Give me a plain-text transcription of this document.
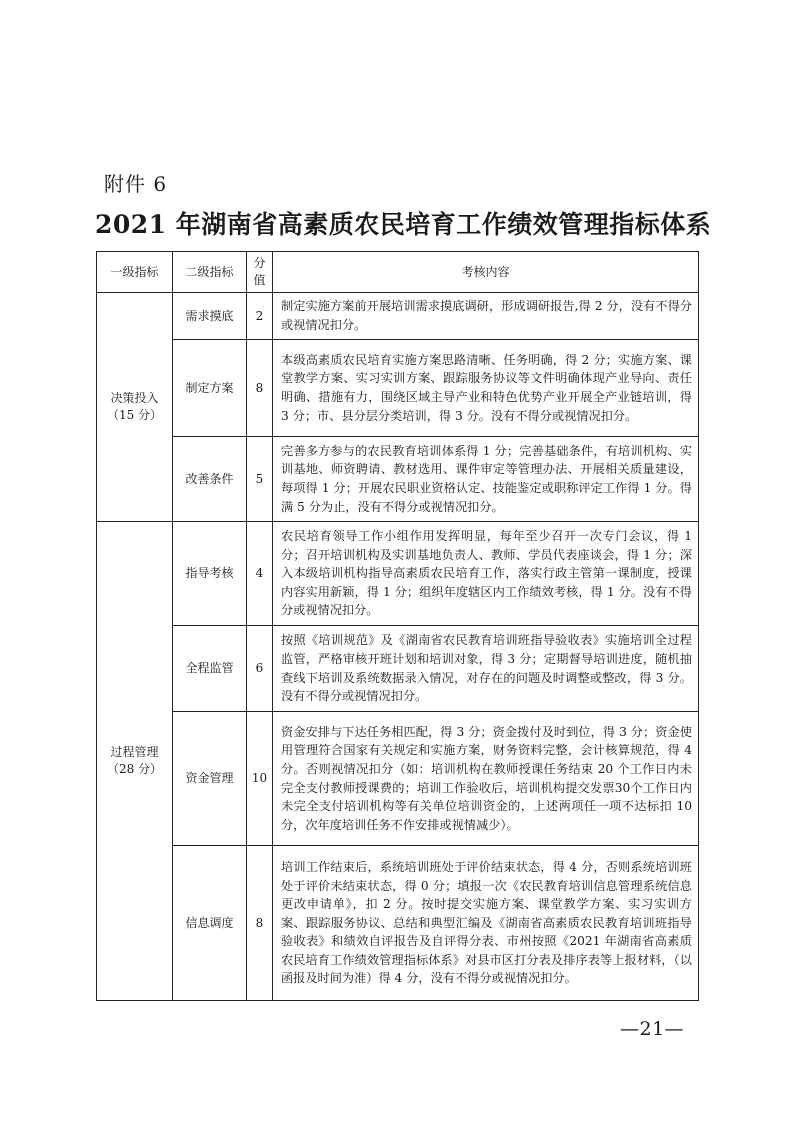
附件 6
2021 年湖南省高素质农民培育工作绩效管理指标体系
一级指标	二级指标	分值	考核内容

决策投入
（15 分）	需求摸底	2	制定实施方案前开展培训需求摸底调研，形成调研报告,得 2 分，没有不得分或视情况扣分。
	制定方案	8	本级高素质农民培育实施方案思路清晰、任务明确，得 2 分；实施方案、课堂教学方案、实习实训方案、跟踪服务协议等文件明确体现产业导向、责任明确、措施有力，围绕区域主导产业和特色优势产业开展全产业链培训，得 3 分；市、县分层分类培训，得 3 分。没有不得分或视情况扣分。
	改善条件	5	完善多方参与的农民教育培训体系得 1 分；完善基础条件，有培训机构、实训基地、师资聘请、教材选用、课件审定等管理办法、开展相关质量建设，每项得 1 分；开展农民职业资格认定、技能鉴定或职称评定工作得 1 分。得满 5 分为止，没有不得分或视情况扣分。

过程管理
（28 分）	指导考核	4	农民培育领导工作小组作用发挥明显，每年至少召开一次专门会议，得 1 分；召开培训机构及实训基地负责人、教师、学员代表座谈会，得 1 分；深入本级培训机构指导高素质农民培育工作，落实行政主管第一课制度，授课内容实用新颖，得 1 分；组织年度辖区内工作绩效考核，得 1 分。没有不得分或视情况扣分。
	全程监管	6	按照《培训规范》及《湖南省农民教育培训班指导验收表》实施培训全过程监管，严格审核开班计划和培训对象，得 3 分；定期督导培训进度，随机抽查线下培训及系统数据录入情况，对存在的问题及时调整或整改，得 3 分。没有不得分或视情况扣分。
	资金管理	10	资金安排与下达任务相匹配，得 3 分；资金拨付及时到位，得 3 分；资金使用管理符合国家有关规定和实施方案，财务资料完整，会计核算规范，得 4 分。否则视情况扣分（如：培训机构在教师授课任务结束 20 个工作日内未完全支付教师授课费的；培训工作验收后，培训机构提交发票30个工作日内未完全支付培训机构等有关单位培训资金的，上述两项任一项不达标扣 10 分，次年度培训任务不作安排或视情减少）。
	信息调度	8	培训工作结束后，系统培训班处于评价结束状态，得 4 分，否则系统培训班处于评价未结束状态，得 0 分；填报一次《农民教育培训信息管理系统信息更改申请单》，扣 2 分。按时提交实施方案、课堂教学方案、实习实训方案、跟踪服务协议、总结和典型汇编及《湖南省高素质农民教育培训班指导验收表》和绩效自评报告及自评得分表、市州按照《2021 年湖南省高素质农民培育工作绩效管理指标体系》对县市区打分表及排序表等上报材料，（以函报及时间为准）得 4 分，没有不得分或视情况扣分。
—21—
